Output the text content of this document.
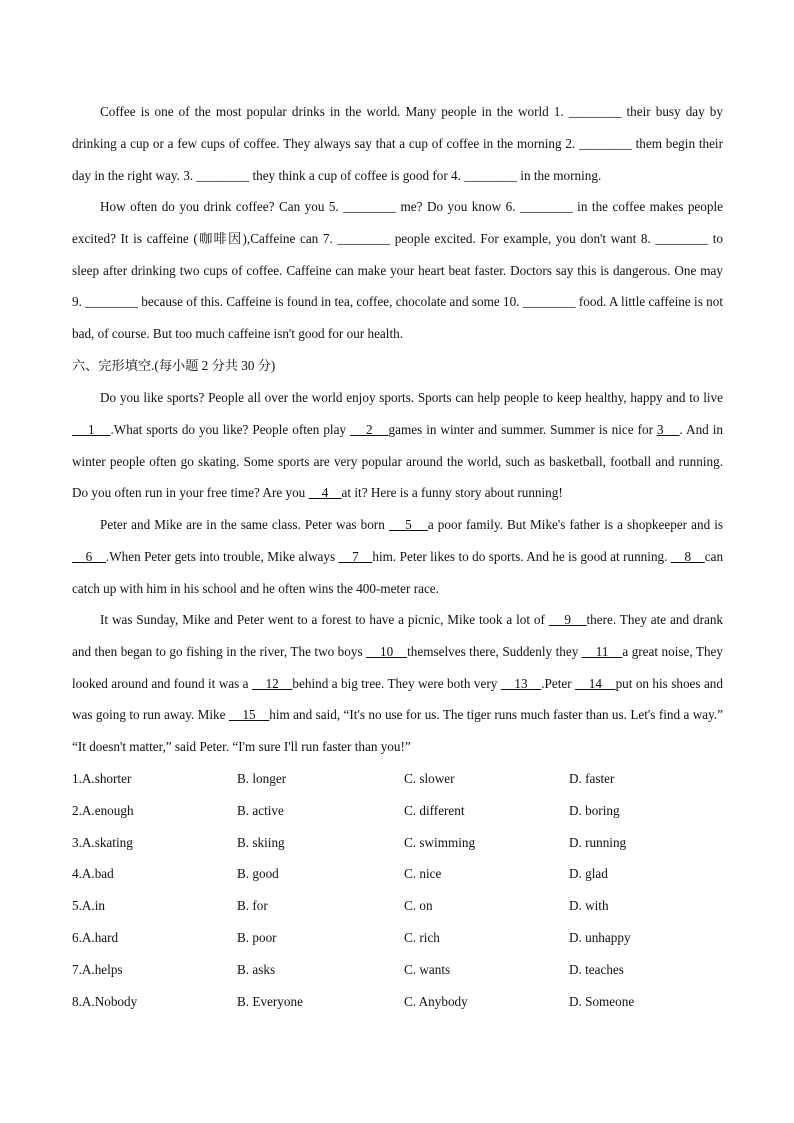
Coffee is one of the most popular drinks in the world. Many people in the world 1. ________ their busy day by drinking a cup or a few cups of coffee. They always say that a cup of coffee in the morning 2. ________ them begin their day in the right way. 3. ________ they think a cup of coffee is good for 4. ________ in the morning.

How often do you drink coffee? Can you 5. ________ me? Do you know 6. ________ in the coffee makes people excited? It is caffeine (咖啡因),Caffeine can 7. ________ people excited. For example, you don't want 8. ________ to sleep after drinking two cups of coffee. Caffeine can make your heart beat faster. Doctors say this is dangerous. One may 9. ________ because of this. Caffeine is found in tea, coffee, chocolate and some 10. ________ food. A little caffeine is not bad, of course. But too much caffeine isn't good for our health.

六、完形填空.(每小题 2 分共 30 分)

Do you like sports? People all over the world enjoy sports. Sports can help people to keep healthy, happy and to live     1    .What sports do you like? People often play     2    games in winter and summer. Summer is nice for 3    . And in winter people often go skating. Some sports are very popular around the world, such as basketball, football and running. Do you often run in your free time? Are you     4    at it? Here is a funny story about running!

Peter and Mike are in the same class. Peter was born     5    a poor family. But Mike's father is a shopkeeper and is     6    .When Peter gets into trouble, Mike always     7    him. Peter likes to do sports. And he is good at running.     8    can catch up with him in his school and he often wins the 400-meter race.

It was Sunday, Mike and Peter went to a forest to have a picnic, Mike took a lot of     9    there. They ate and drank and then began to go fishing in the river, The two boys     10    themselves there, Suddenly they     11    a great noise, They looked around and found it was a     12    behind a big tree. They were both very     13    .Peter     14    put on his shoes and was going to run away. Mike     15    him and said, “It's no use for us. The tiger runs much faster than us. Let's find a way.” “It doesn't matter,” said Peter. “I'm sure I'll run faster than you!”

1.A.shorter	B. longer	C. slower	D. faster
2.A.enough	B. active	C. different	D. boring
3.A.skating	B. skiing	C. swimming	D. running
4.A.bad	B. good	C. nice	D. glad
5.A.in	B. for	C. on	D. with
6.A.hard	B. poor	C. rich	D. unhappy
7.A.helps	B. asks	C. wants	D. teaches
8.A.Nobody	B. Everyone	C. Anybody	D. Someone
